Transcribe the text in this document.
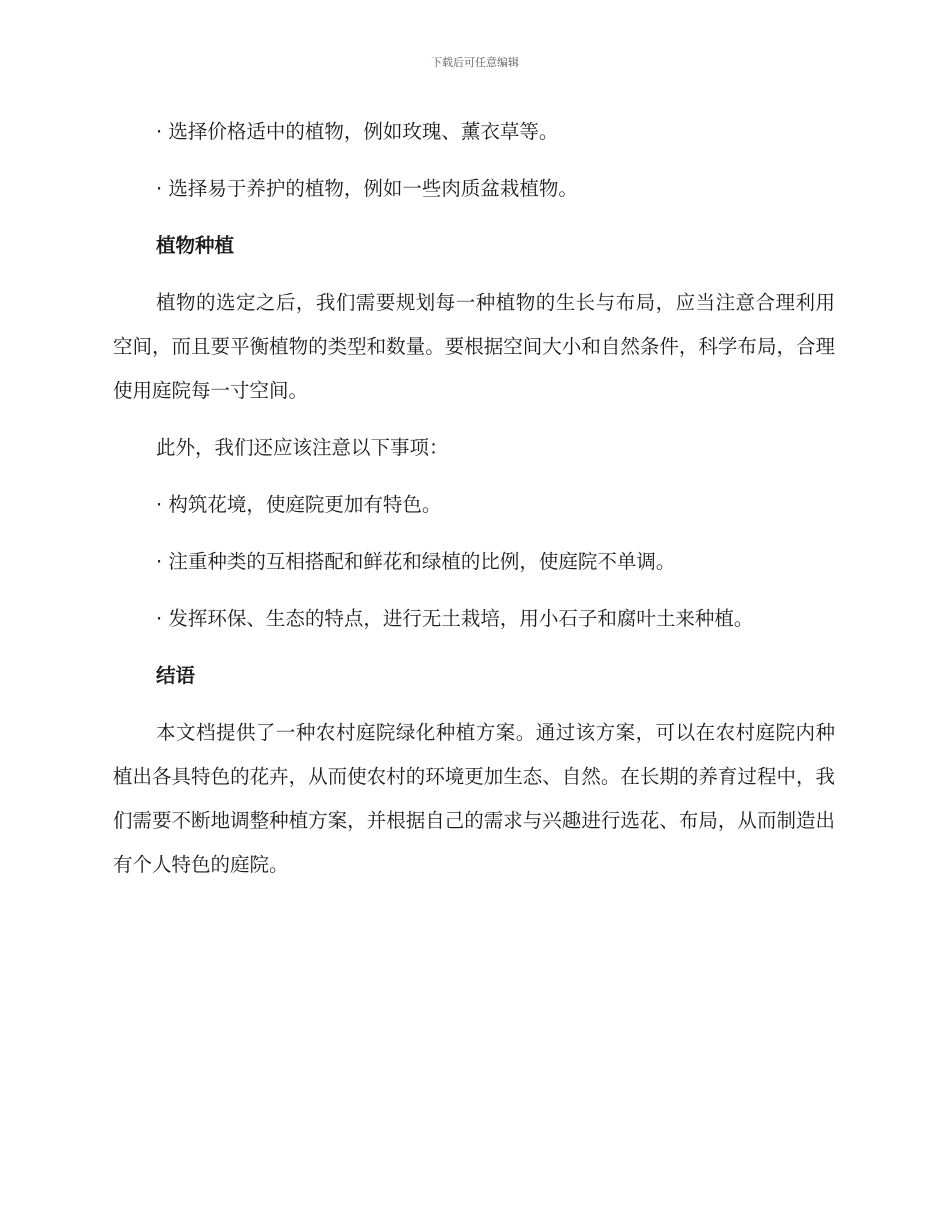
下载后可任意编辑

· 选择价格适中的植物，例如玫瑰、薰衣草等。

· 选择易于养护的植物，例如一些肉质盆栽植物。

植物种植

植物的选定之后，我们需要规划每一种植物的生长与布局，应当注意合理利用空间，而且要平衡植物的类型和数量。要根据空间大小和自然条件，科学布局，合理使用庭院每一寸空间。

此外，我们还应该注意以下事项：

· 构筑花境，使庭院更加有特色。

· 注重种类的互相搭配和鲜花和绿植的比例，使庭院不单调。

· 发挥环保、生态的特点，进行无土栽培，用小石子和腐叶土来种植。

结语

本文档提供了一种农村庭院绿化种植方案。通过该方案，可以在农村庭院内种植出各具特色的花卉，从而使农村的环境更加生态、自然。在长期的养育过程中，我们需要不断地调整种植方案，并根据自己的需求与兴趣进行选花、布局，从而制造出有个人特色的庭院。
